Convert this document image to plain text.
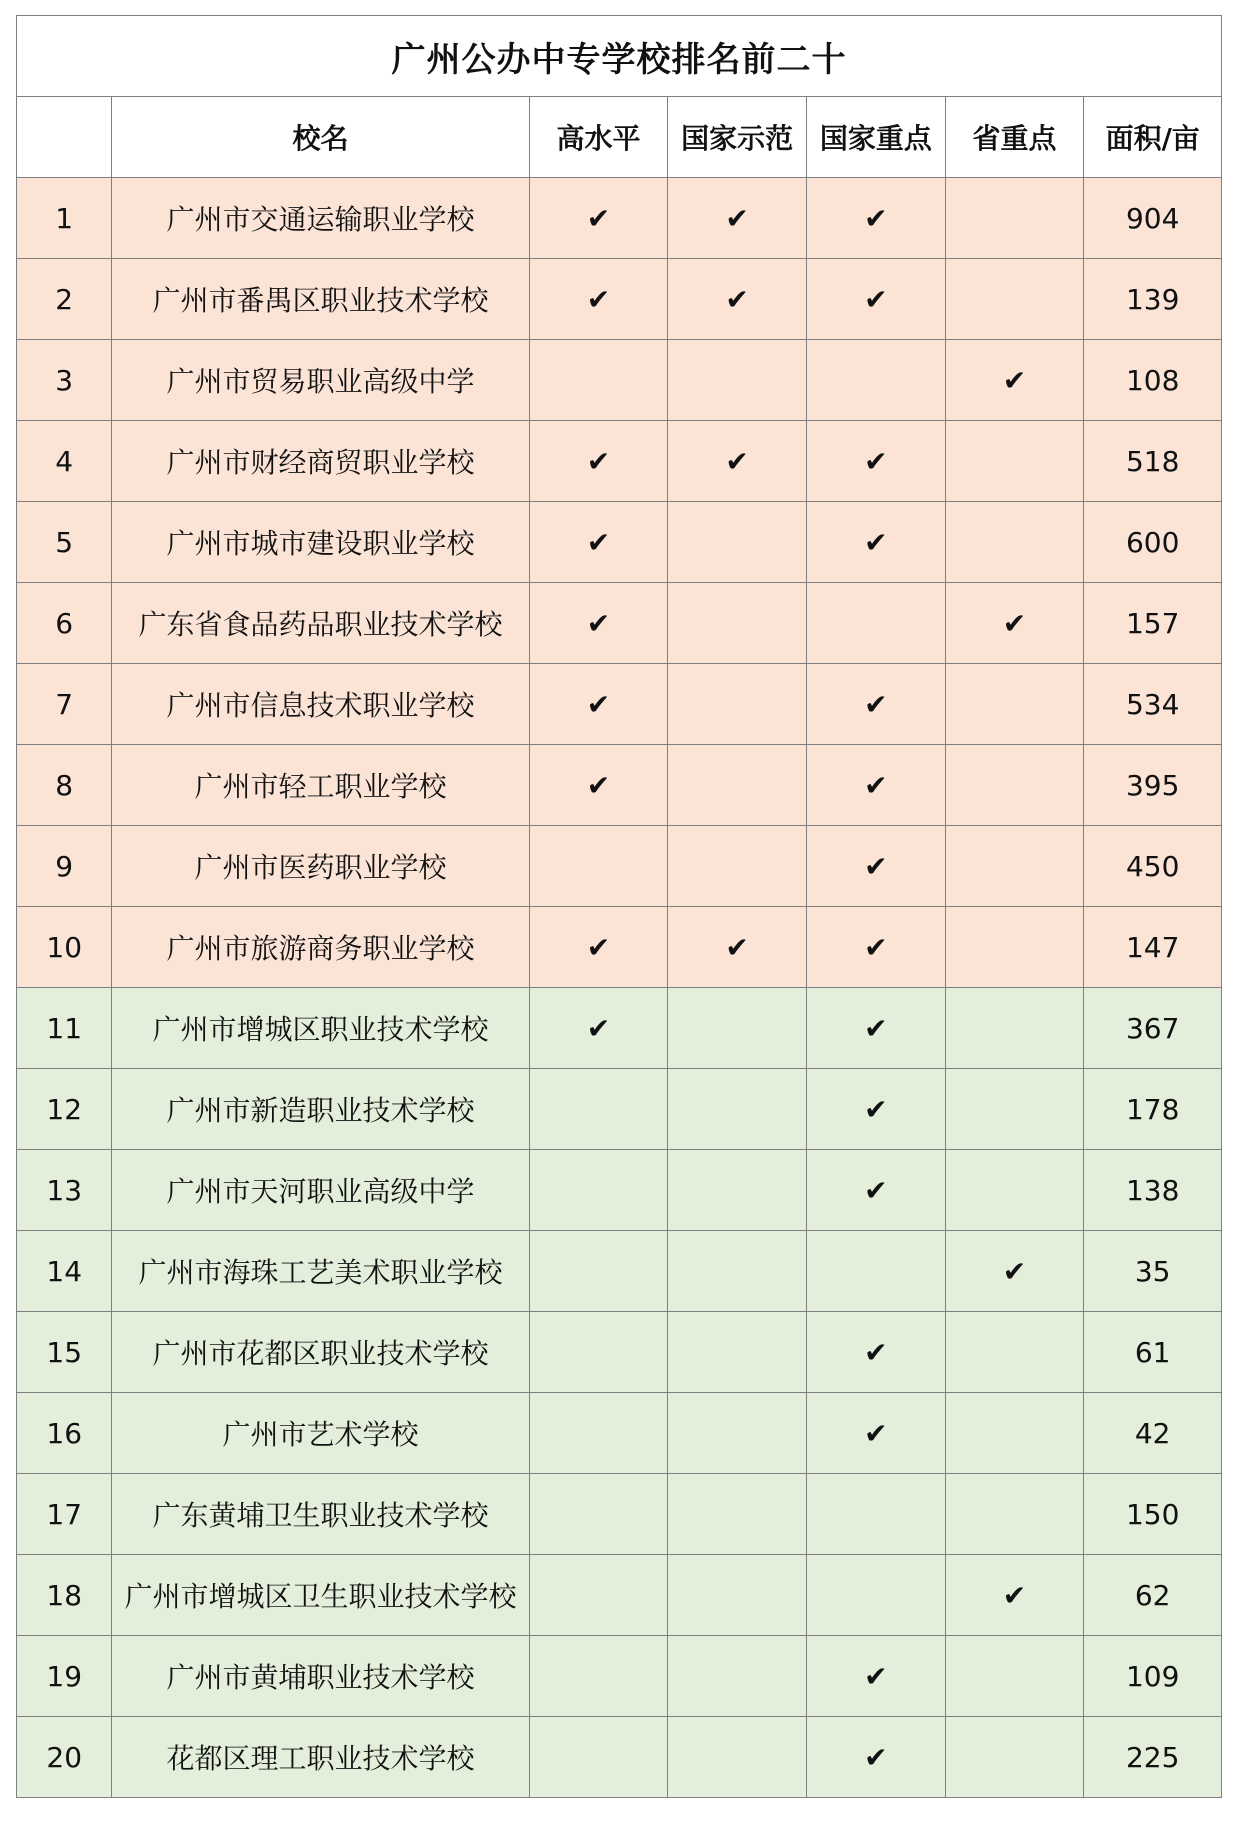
广州公办中专学校排名前二十						
	校名	高水平	国家示范	国家重点	省重点	面积/亩
1	广州市交通运输职业学校	✔	✔	✔		904
2	广州市番禺区职业技术学校	✔	✔	✔		139
3	广州市贸易职业高级中学				✔	108
4	广州市财经商贸职业学校	✔	✔	✔		518
5	广州市城市建设职业学校	✔		✔		600
6	广东省食品药品职业技术学校	✔			✔	157
7	广州市信息技术职业学校	✔		✔		534
8	广州市轻工职业学校	✔		✔		395
9	广州市医药职业学校			✔		450
10	广州市旅游商务职业学校	✔	✔	✔		147
11	广州市增城区职业技术学校	✔		✔		367
12	广州市新造职业技术学校			✔		178
13	广州市天河职业高级中学			✔		138
14	广州市海珠工艺美术职业学校				✔	35
15	广州市花都区职业技术学校			✔		61
16	广州市艺术学校			✔		42
17	广东黄埔卫生职业技术学校					150
18	广州市增城区卫生职业技术学校				✔	62
19	广州市黄埔职业技术学校			✔		109
20	花都区理工职业技术学校			✔		225
